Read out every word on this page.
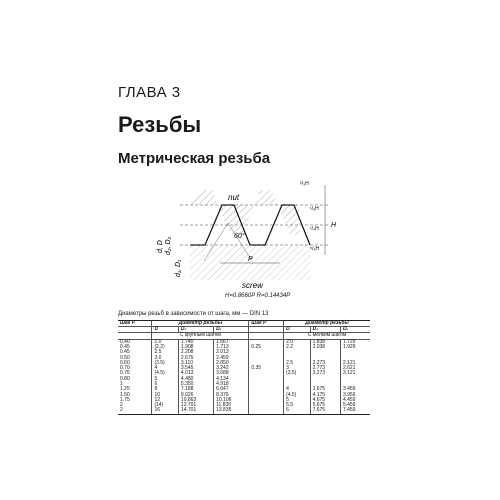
ГЛАВА 3
Резьбы
Метрическая резьба
nut
60°
P
screw
H
²/₃H
¹/₈H
¹/₄H
⁵/₈H
d, D d₂, D₂
d₁, D₁
H=0.8660P R=0.14434P
Диаметры резьб в зависимости от шага, мм — DIN 13
Шаг P	Диаметр резьбы			Шаг P	Диаметр резьбы		
	D	D₂	D₁		D	D₂	D₁
	С крупным шагом				С мелким шагом		
0.40	2.0	1.740	1.567		2.0	1.838	1.729
0.45	(2.2)	1.908	1.713	0.25	2.2	2.038	1.929
0.45	2.5	2.208	2.013				
0.50	3.0	2.675	2.459				
0.60	(3.5)	3.110	2.850		2.5	2.273	2.121
0.70	4	3.545	3.242	0.35	3	2.773	2.621
0.75	(4.5)	4.013	3.688		(3.5)	3.273	3.121
0.80	5	4.480	4.134				
1	6	5.350	4.918				
1.25	8	7.188	6.647		4	3.675	3.459
1.50	10	9.026	8.376		(4.5)	4.175	3.959
1.75	12	10.863	10.106		5	4.675	4.459
2	(14)	12.701	11.835		5.5	5.675	5.459
2	16	14.701	13.835		6	7.675	7.459
